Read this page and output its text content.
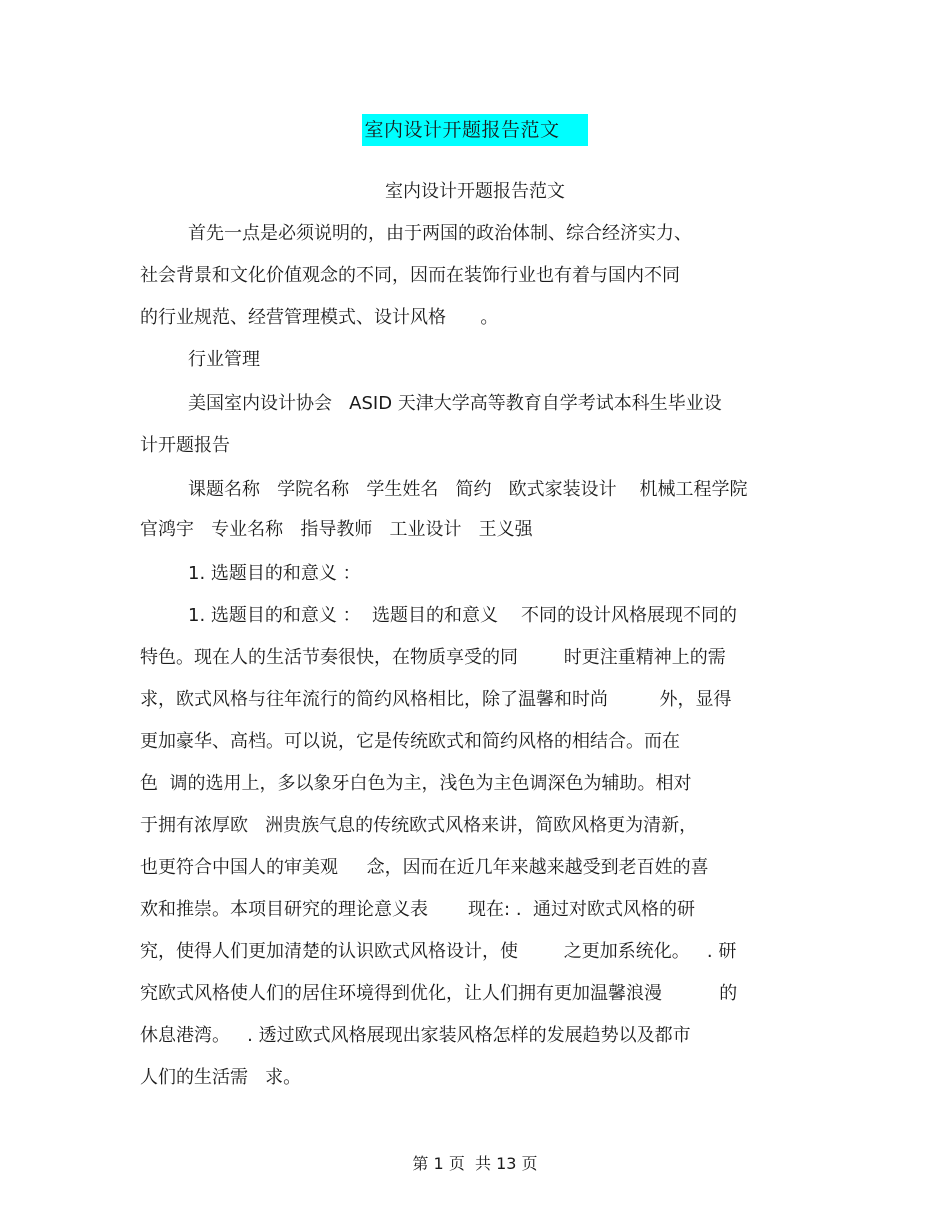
室内设计开题报告范文
室内设计开题报告范文
首先一点是必须说明的，由于两国的政治体制、综合经济实力、
社会背景和文化价值观念的不同，因而在装饰行业也有着与国内不同
的行业规范、经营管理模式、设计风格      。
行业管理
美国室内设计协会   ASID 天津大学高等教育自学考试本科生毕业设
计开题报告
课题名称   学院名称   学生姓名   简约   欧式家装设计    机械工程学院
官鸿宇   专业名称   指导教师   工业设计   王义强
1. 选题目的和意义 ：
1. 选题目的和意义 ：  选题目的和意义    不同的设计风格展现不同的
特色。现在人的生活节奏很快，在物质享受的同        时更注重精神上的需
求，欧式风格与往年流行的简约风格相比，除了温馨和时尚         外，显得
更加豪华、高档。可以说，它是传统欧式和简约风格的相结合。而在
色  调的选用上，多以象牙白色为主，浅色为主色调深色为辅助。相对
于拥有浓厚欧   洲贵族气息的传统欧式风格来讲，简欧风格更为清新，
也更符合中国人的审美观     念，因而在近几年来越来越受到老百姓的喜
欢和推崇。本项目研究的理论意义表       现在: .  通过对欧式风格的研
究，使得人们更加清楚的认识欧式风格设计，使        之更加系统化。   . 研
究欧式风格使人们的居住环境得到优化，让人们拥有更加温馨浪漫          的
休息港湾。   . 透过欧式风格展现出家装风格怎样的发展趋势以及都市
人们的生活需   求。
第 1 页  共 13 页
